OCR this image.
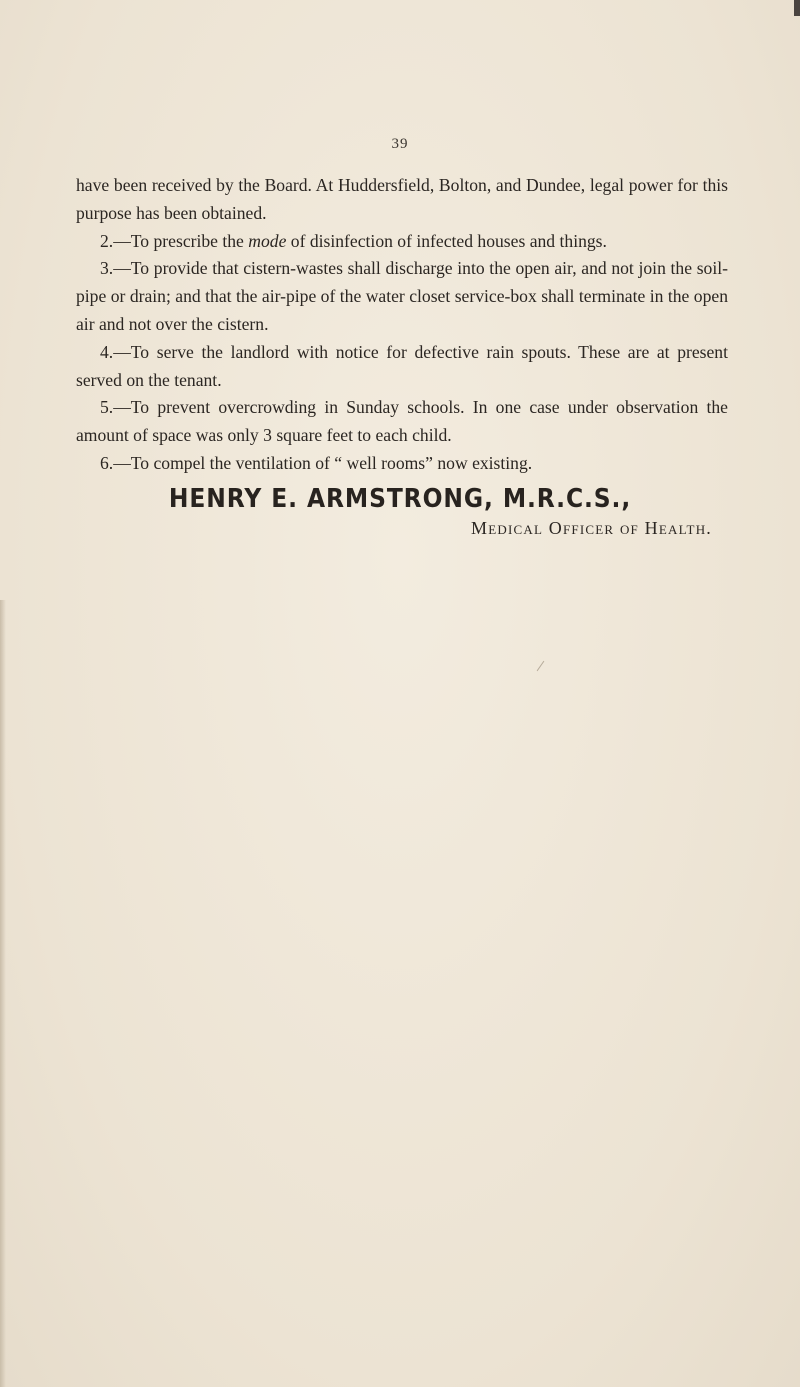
39

have been received by the Board. At Huddersfield, Bolton, and Dundee, legal power for this purpose has been obtained.

2.—To prescribe the mode of disinfection of infected houses and things.

3.—To provide that cistern-wastes shall discharge into the open air, and not join the soil-pipe or drain; and that the air-pipe of the water closet service-box shall terminate in the open air and not over the cistern.

4.—To serve the landlord with notice for defective rain spouts. These are at present served on the tenant.

5.—To prevent overcrowding in Sunday schools. In one case under observation the amount of space was only 3 square feet to each child.

6.—To compel the ventilation of “ well rooms” now existing.

HENRY E. ARMSTRONG, M.R.C.S.,
Medical Officer of Health.
